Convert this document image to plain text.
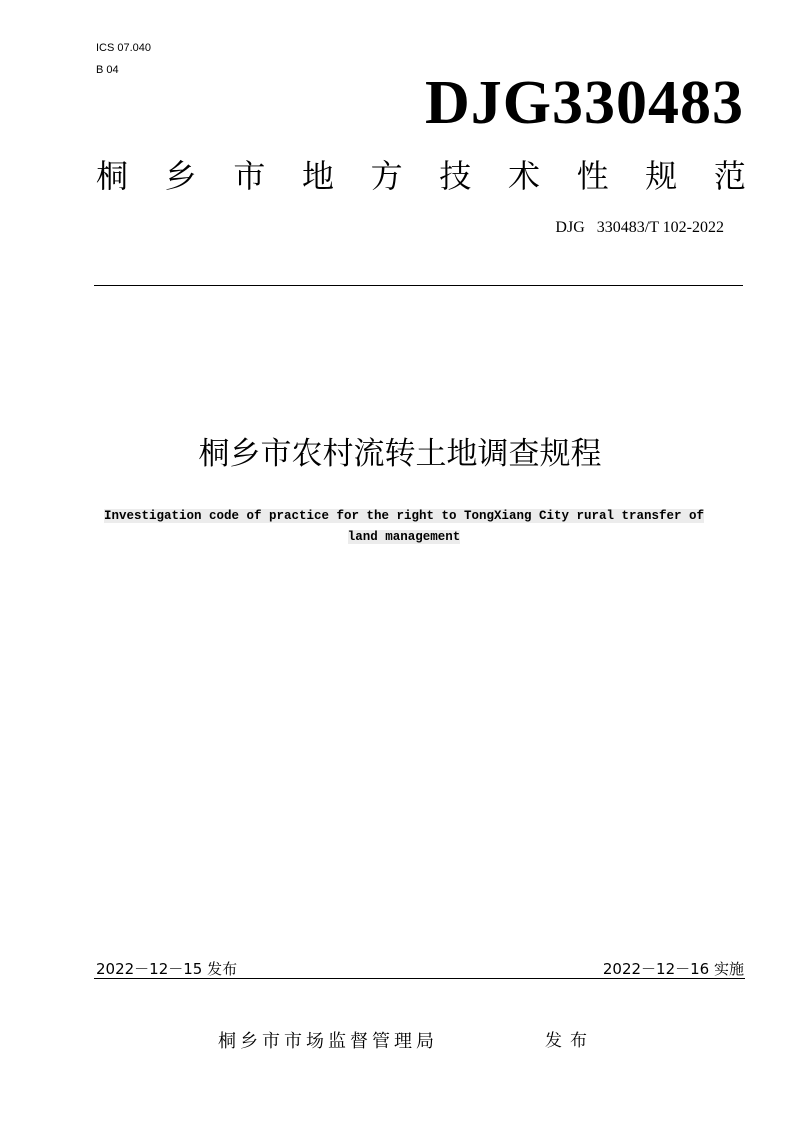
ICS 07.040
B 04	DJG330483
桐 乡 市 地 方 技 术 性 规 范
DJG   330483/T 102-2022
桐乡市农村流转土地调查规程
Investigation code of practice for the right to TongXiang City rural transfer of
land management
2022－12－15 发布	2022－12－16 实施
桐乡市市场监督管理局	发布
